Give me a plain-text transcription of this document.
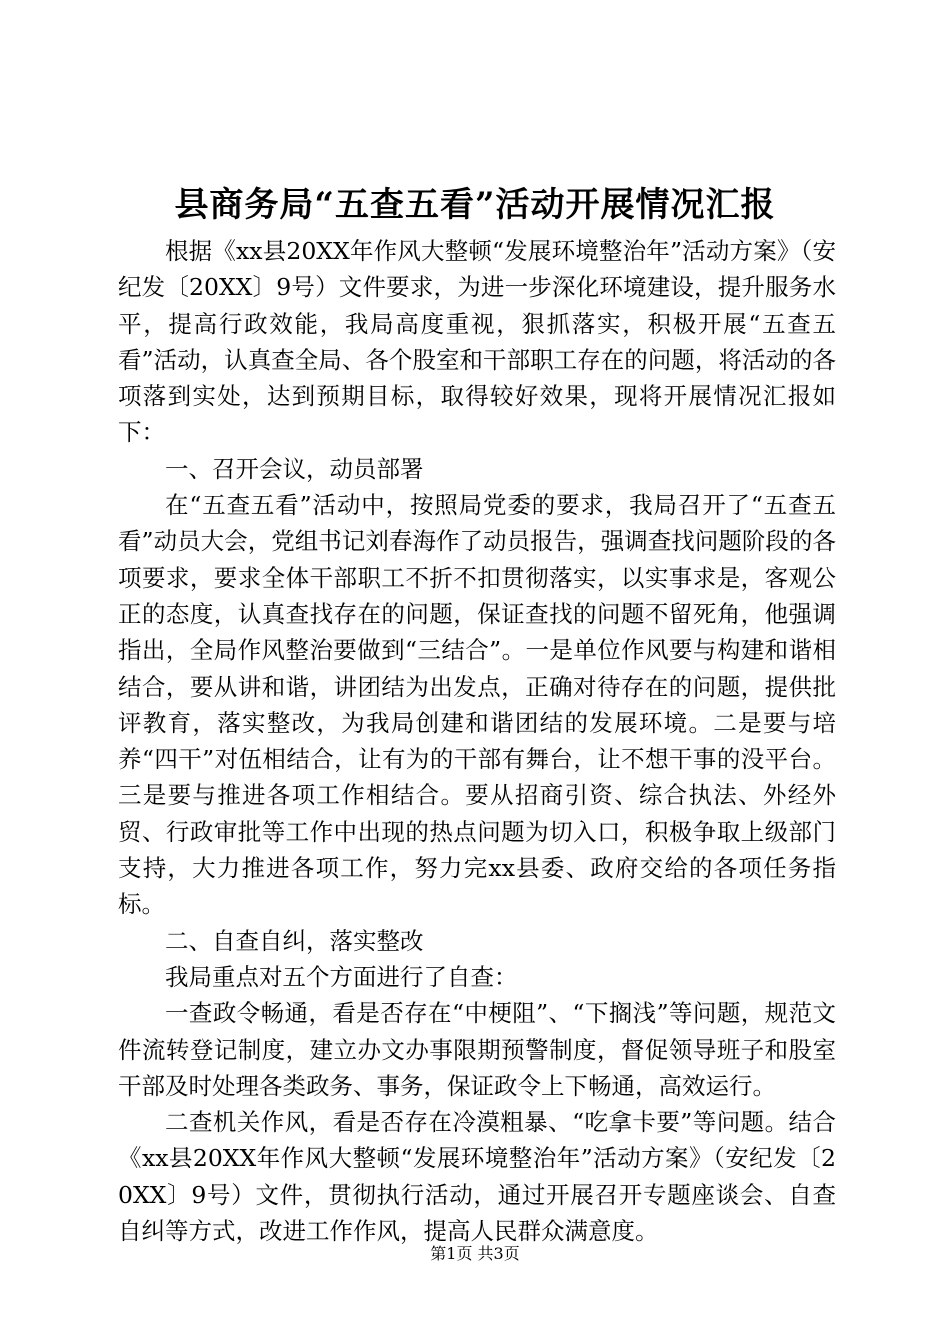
县商务局“五查五看”活动开展情况汇报

根据《xx县20XX年作风大整顿“发展环境整治年”活动方案》（安纪发〔20XX〕9号）文件要求，为进一步深化环境建设，提升服务水平，提高行政效能，我局高度重视，狠抓落实，积极开展“五查五看”活动，认真查全局、各个股室和干部职工存在的问题，将活动的各项落到实处，达到预期目标，取得较好效果，现将开展情况汇报如下：

一、召开会议，动员部署

在“五查五看”活动中，按照局党委的要求，我局召开了“五查五看”动员大会，党组书记刘春海作了动员报告，强调查找问题阶段的各项要求，要求全体干部职工不折不扣贯彻落实，以实事求是，客观公正的态度，认真查找存在的问题，保证查找的问题不留死角，他强调指出，全局作风整治要做到“三结合”。一是单位作风要与构建和谐相结合，要从讲和谐，讲团结为出发点，正确对待存在的问题，提供批评教育，落实整改，为我局创建和谐团结的发展环境。二是要与培养“四干”对伍相结合，让有为的干部有舞台，让不想干事的没平台。三是要与推进各项工作相结合。要从招商引资、综合执法、外经外贸、行政审批等工作中出现的热点问题为切入口，积极争取上级部门支持，大力推进各项工作，努力完xx县委、政府交给的各项任务指标。

二、自查自纠，落实整改

我局重点对五个方面进行了自查：

一查政令畅通，看是否存在“中梗阻”、“下搁浅”等问题，规范文件流转登记制度，建立办文办事限期预警制度，督促领导班子和股室干部及时处理各类政务、事务，保证政令上下畅通，高效运行。

二查机关作风，看是否存在冷漠粗暴、“吃拿卡要”等问题。结合《xx县20XX年作风大整顿“发展环境整治年”活动方案》（安纪发〔20XX〕9号）文件，贯彻执行活动，通过开展召开专题座谈会、自查自纠等方式，改进工作作风，提高人民群众满意度。

第1页 共3页
